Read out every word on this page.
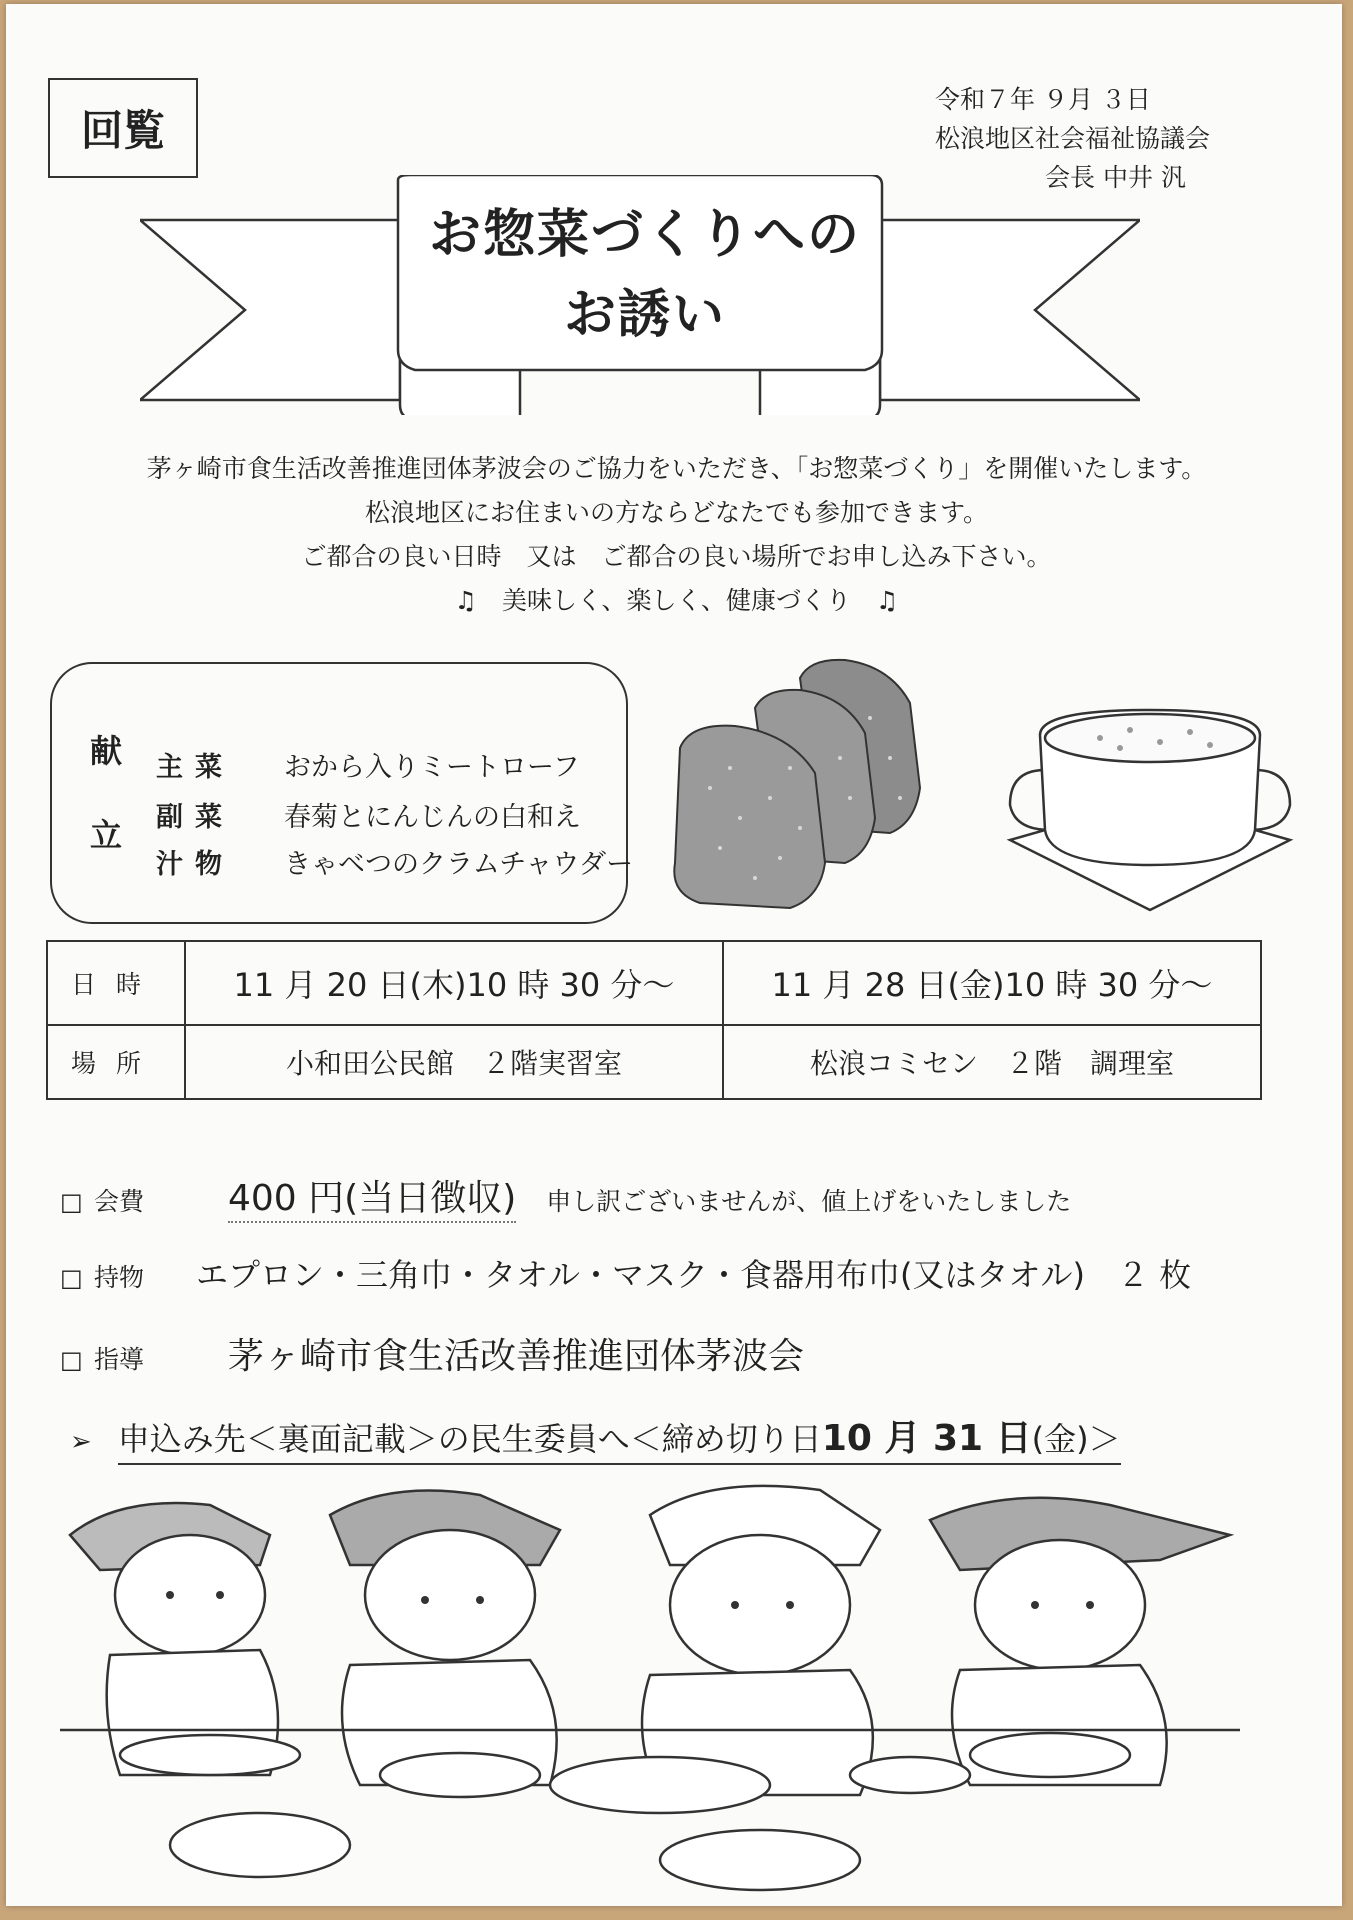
回覧
令和７年 ９月 ３日
松浪地区社会福祉協議会
会長 中井 汎
お惣菜づくりへの
お誘い
茅ヶ崎市食生活改善推進団体茅波会のご協力をいただき、「お惣菜づくり」を開催いたします。
松浪地区にお住まいの方ならどなたでも参加できます。
ご都合の良い日時　又は　ご都合の良い場所でお申し込み下さい。
♫　美味しく、楽しく、健康づくり　♫
献
立
主菜	おから入りミートローフ
副菜	春菊とにんじんの白和え
汁物	きゃベつのクラムチャウダー
日時	11 月 20 日(木)10 時 30 分～	11 月 28 日(金)10 時 30 分～
場所	小和田公民館　２階実習室	松浪コミセン　２階　調理室
□ 会費	400 円(当日徴収) 申し訳ございませんが、値上げをいたしました
□ 持物	エプロン・三角巾・タオル・マスク・食器用布巾(又はタオル)　２ 枚
□ 指導	茅ヶ崎市食生活改善推進団体茅波会
➢ 申込み先＜裏面記載＞の民生委員へ＜締め切り日10 月 31 日(金)＞
